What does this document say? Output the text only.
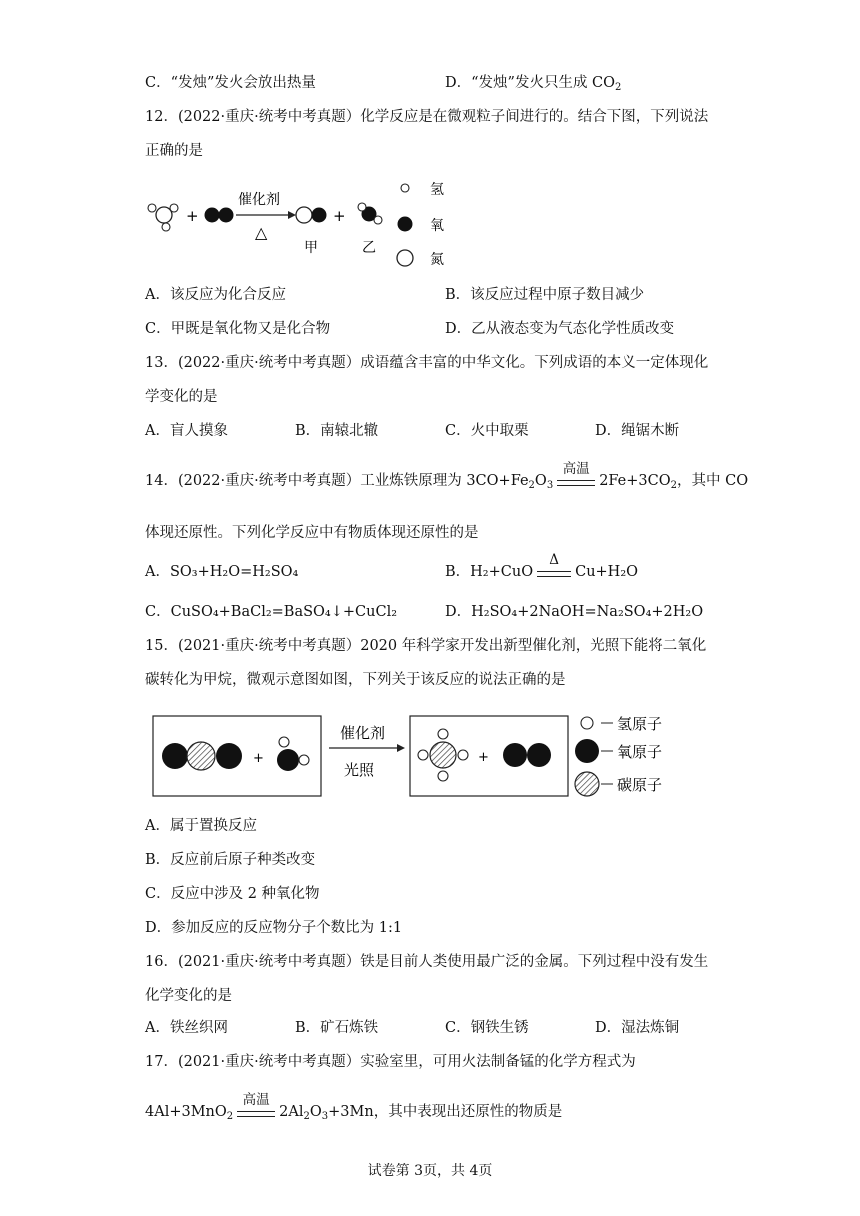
C．“发烛”发火会放出热量	D．“发烛”发火只生成 $CO_2$
12．(2022·重庆·统考中考真题）化学反应是在微观粒子间进行的。结合下图，下列说法
正确的是
+
催化剂
△
甲
+
乙
氢
氧
氮
A．该反应为化合反应	B．该反应过程中原子数目减少
C．甲既是氧化物又是化合物	D．乙从液态变为气态化学性质改变
13．(2022·重庆·统考中考真题）成语蕴含丰富的中华文化。下列成语的本义一定体现化
学变化的是
A．盲人摸象	B．南辕北辙	C．火中取栗	D．绳锯木断
14．(2022·重庆·统考中考真题）工业炼铁原理为 $3CO+Fe_2O_3$
高温
$2Fe+3CO_2$，其中 CO
体现还原性。下列化学反应中有物质体现还原性的是
A．SO₃+H₂O=H₂SO₄	B．H₂+CuO
Δ
Cu+H₂O
C．CuSO₄+BaCl₂=BaSO₄↓+CuCl₂	D．H₂SO₄+2NaOH=Na₂SO₄+2H₂O
15．(2021·重庆·统考中考真题）2020 年科学家开发出新型催化剂，光照下能将二氧化
碳转化为甲烷，微观示意图如图，下列关于该反应的说法正确的是
+
催化剂
光照
+
氢原子
氧原子
碳原子
A．属于置换反应
B．反应前后原子种类改变
C．反应中涉及 2 种氧化物
D．参加反应的反应物分子个数比为 1:1
16．(2021·重庆·统考中考真题）铁是目前人类使用最广泛的金属。下列过程中没有发生
化学变化的是
A．铁丝织网	B．矿石炼铁	C．钢铁生锈	D．湿法炼铜
17．(2021·重庆·统考中考真题）实验室里，可用火法制备锰的化学方程式为
4Al+3MnO$_2$
高温
$2Al_2O_3+3Mn$，其中表现出还原性的物质是
试卷第 3页，共 4页
